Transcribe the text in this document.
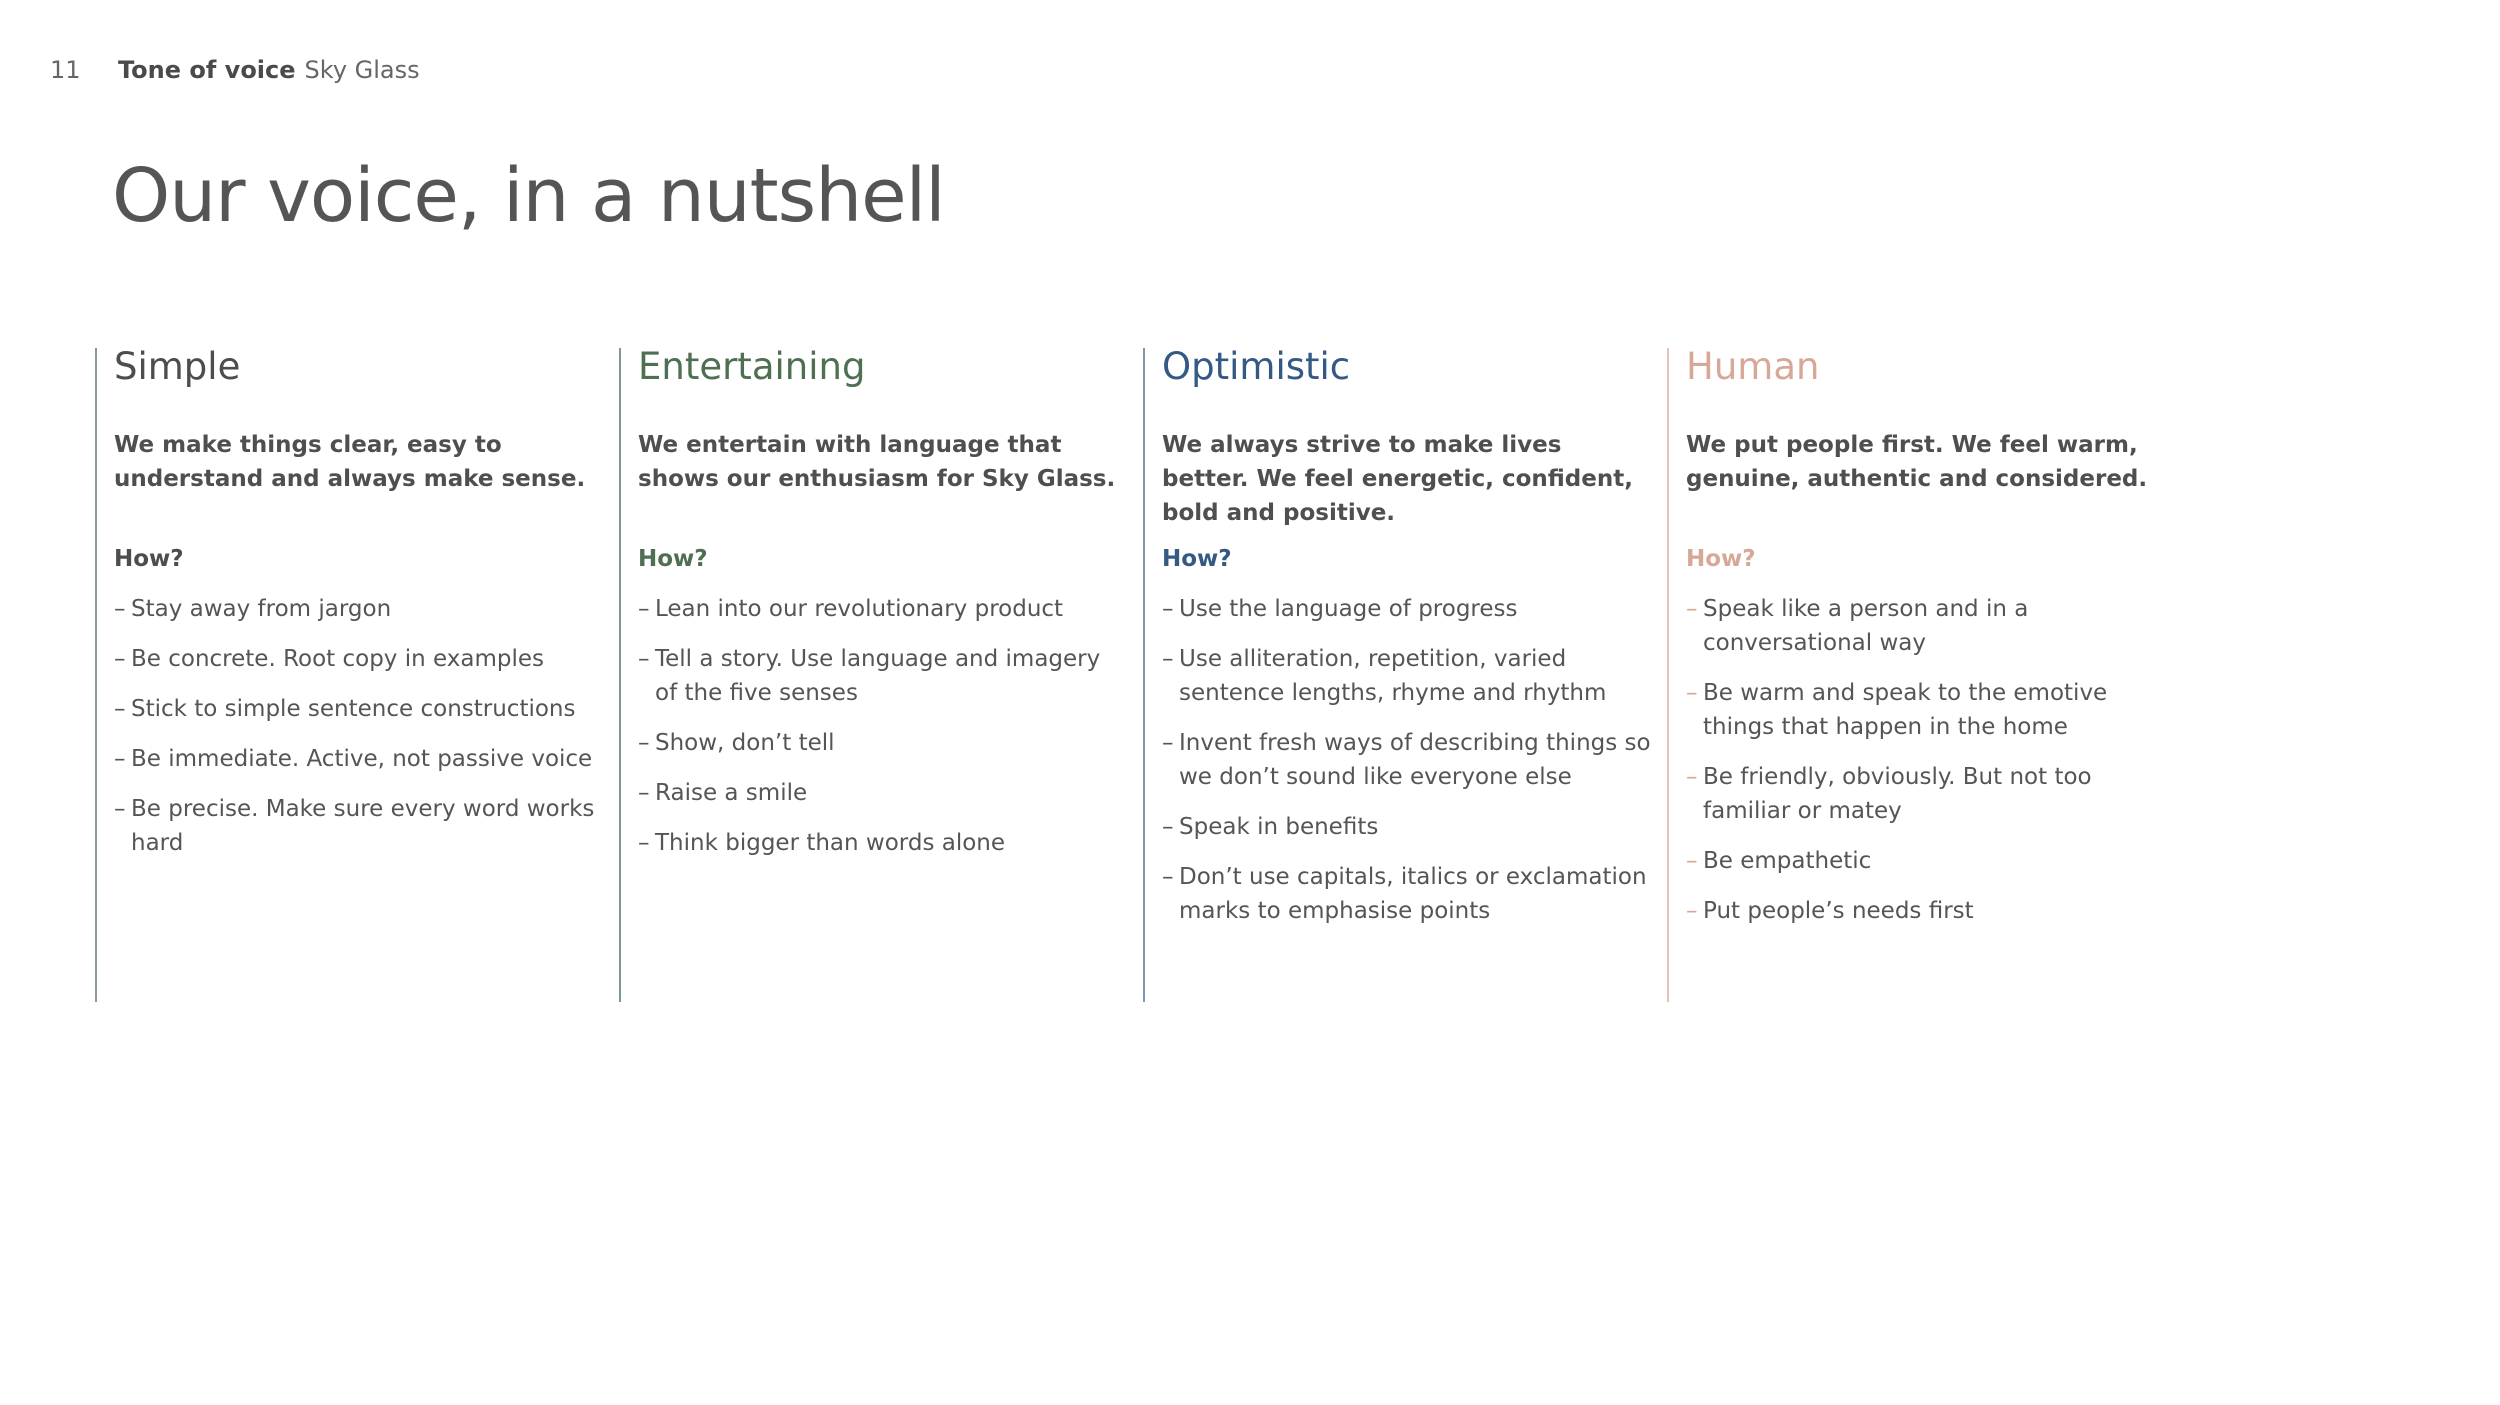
11	Tone of voice Sky Glass
Our voice, in a nutshell
Simple

We make things clear, easy to understand and always make sense.

How?

– Stay away from jargon
– Be concrete. Root copy in examples
– Stick to simple sentence constructions
– Be immediate. Active, not passive voice
– Be precise. Make sure every word works hard
Entertaining

We entertain with language that shows our enthusiasm for Sky Glass.

How?

– Lean into our revolutionary product
– Tell a story. Use language and imagery of the five senses
– Show, don’t tell
– Raise a smile
– Think bigger than words alone
Optimistic

We always strive to make lives better. We feel energetic, confident, bold and positive.

How?

– Use the language of progress
– Use alliteration, repetition, varied sentence lengths, rhyme and rhythm
– Invent fresh ways of describing things so we don’t sound like everyone else
– Speak in benefits
– Don’t use capitals, italics or exclamation marks to emphasise points
Human

We put people first. We feel warm, genuine, authentic and considered.

How?

– Speak like a person and in a conversational way
– Be warm and speak to the emotive things that happen in the home
– Be friendly, obviously. But not too familiar or matey
– Be empathetic
– Put people’s needs first
